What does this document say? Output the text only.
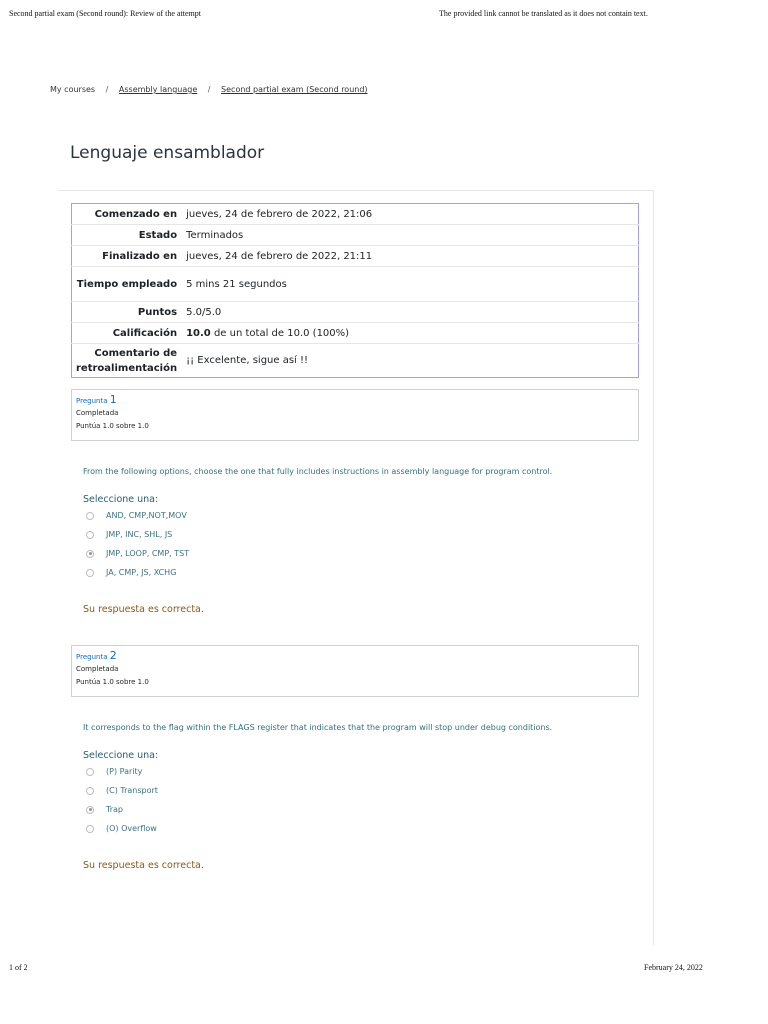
Second partial exam (Second round): Review of the attempt	The provided link cannot be translated as it does not contain text.
My courses / Assembly language / Second partial exam (Second round)
Lenguaje ensamblador
Comenzado en	jueves, 24 de febrero de 2022, 21:06
Estado	Terminados
Finalizado en	jueves, 24 de febrero de 2022, 21:11
Tiempo empleado	5 mins 21 segundos
Puntos	5.0/5.0
Calificación	10.0 de un total de 10.0 (100%)
Comentario de retroalimentación	¡¡ Excelente, sigue así !!
Pregunta 1
Completada
Puntúa 1.0 sobre 1.0
From the following options, choose the one that fully includes instructions in assembly language for program control.
Seleccione una:
AND, CMP,NOT,MOV
JMP, INC, SHL, JS
JMP, LOOP, CMP, TST
JA, CMP, JS, XCHG
Su respuesta es correcta.
Pregunta 2
Completada
Puntúa 1.0 sobre 1.0
It corresponds to the flag within the FLAGS register that indicates that the program will stop under debug conditions.
Seleccione una:
(P) Parity
(C) Transport
Trap
(O) Overflow
Su respuesta es correcta.
1 of 2	February 24, 2022
